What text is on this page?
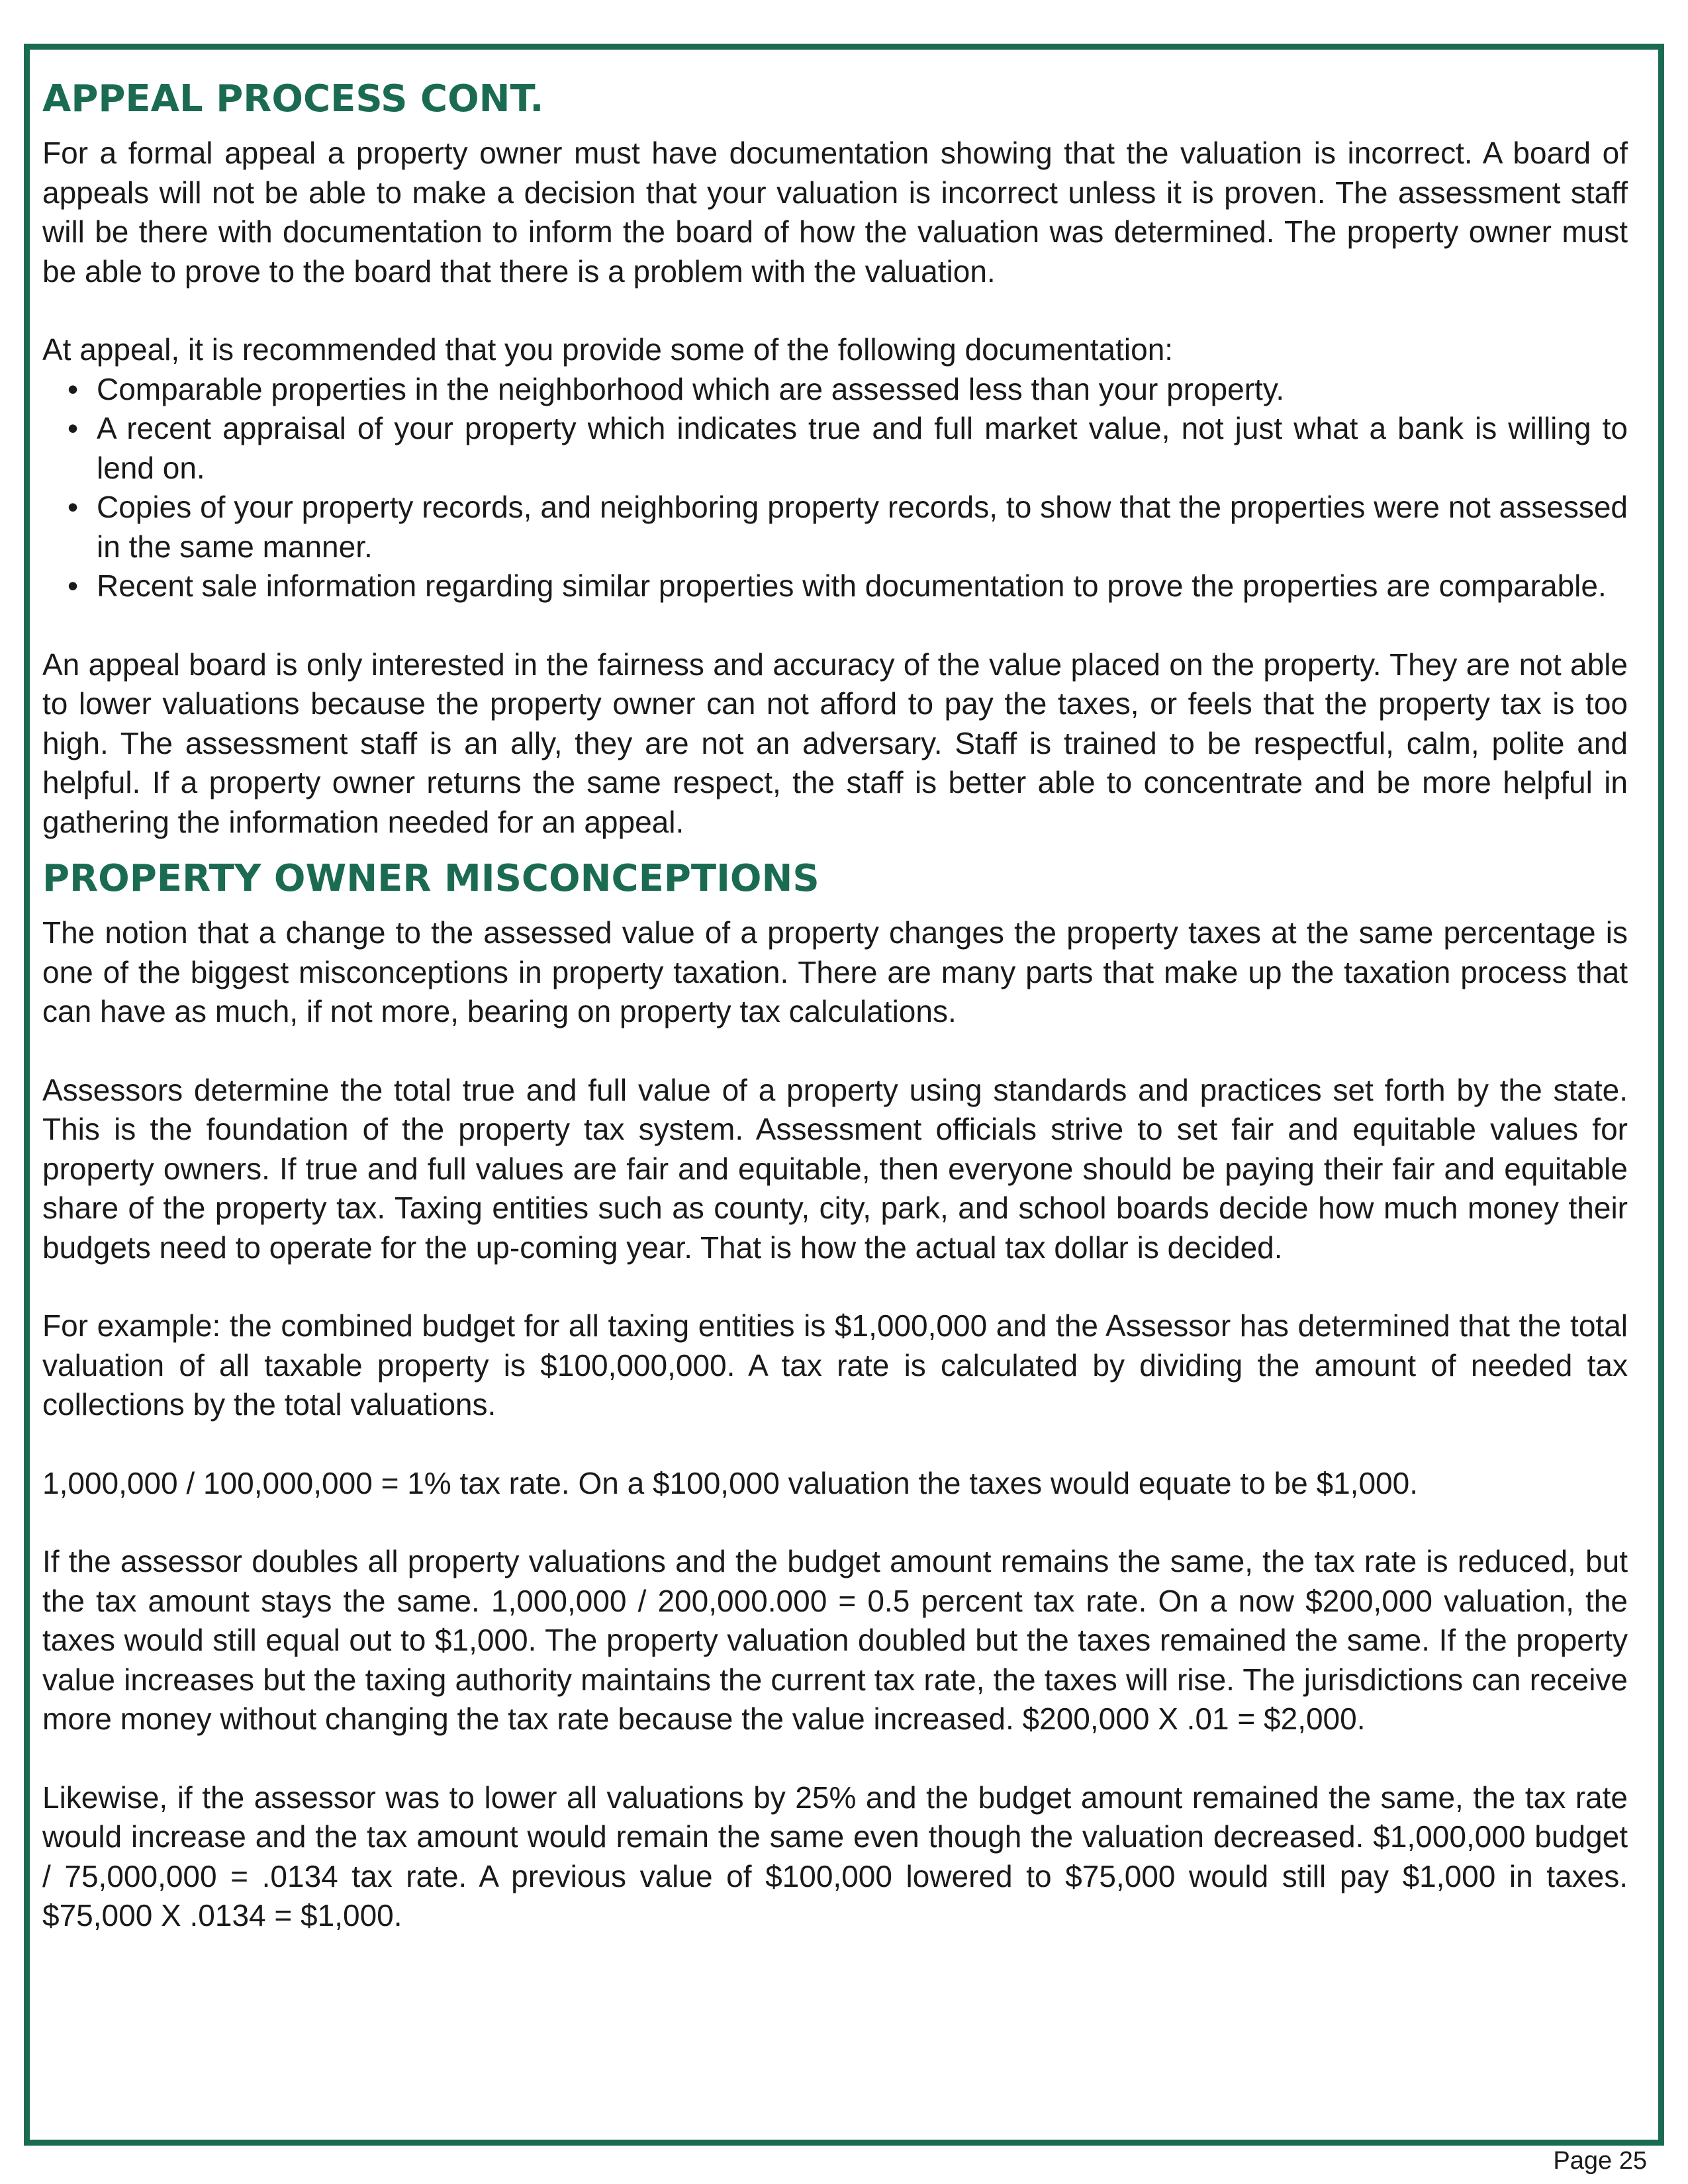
APPEAL PROCESS CONT.

For a formal appeal a property owner must have documentation showing that the valuation is incorrect. A board of appeals will not be able to make a decision that your valuation is incorrect unless it is proven. The assessment staff will be there with documentation to inform the board of how the valuation was determined. The property owner must be able to prove to the board that there is a problem with the valuation.

At appeal, it is recommended that you provide some of the following documentation:

• Comparable properties in the neighborhood which are assessed less than your property.
• A recent appraisal of your property which indicates true and full market value, not just what a bank is willing to lend on.
• Copies of your property records, and neighboring property records, to show that the properties were not assessed in the same manner.
• Recent sale information regarding similar properties with documentation to prove the properties are comparable.

An appeal board is only interested in the fairness and accuracy of the value placed on the property. They are not able to lower valuations because the property owner can not afford to pay the taxes, or feels that the property tax is too high. The assessment staff is an ally, they are not an adversary. Staff is trained to be respectful, calm, polite and helpful. If a property owner returns the same respect, the staff is better able to concentrate and be more helpful in gathering the information needed for an appeal.

PROPERTY OWNER MISCONCEPTIONS

The notion that a change to the assessed value of a property changes the property taxes at the same percentage is one of the biggest misconceptions in property taxation. There are many parts that make up the taxation process that can have as much, if not more, bearing on property tax calculations.

Assessors determine the total true and full value of a property using standards and practices set forth by the state. This is the foundation of the property tax system. Assessment officials strive to set fair and equitable values for property owners. If true and full values are fair and equitable, then everyone should be paying their fair and equitable share of the property tax. Taxing entities such as county, city, park, and school boards decide how much money their budgets need to operate for the up-coming year. That is how the actual tax dollar is decided.

For example: the combined budget for all taxing entities is $1,000,000 and the Assessor has determined that the total valuation of all taxable property is $100,000,000. A tax rate is calculated by dividing the amount of needed tax collections by the total valuations.

1,000,000 / 100,000,000 = 1% tax rate. On a $100,000 valuation the taxes would equate to be $1,000.

If the assessor doubles all property valuations and the budget amount remains the same, the tax rate is reduced, but the tax amount stays the same. 1,000,000 / 200,000.000 = 0.5 percent tax rate. On a now $200,000 valuation, the taxes would still equal out to $1,000. The property valuation doubled but the taxes remained the same. If the property value increases but the taxing authority maintains the current tax rate, the taxes will rise. The jurisdictions can receive more money without changing the tax rate because the value increased. $200,000 X .01 = $2,000.

Likewise, if the assessor was to lower all valuations by 25% and the budget amount remained the same, the tax rate would increase and the tax amount would remain the same even though the valuation decreased. $1,000,000 budget / 75,000,000 = .0134 tax rate. A previous value of $100,000 lowered to $75,000 would still pay $1,000 in taxes. $75,000 X .0134 = $1,000.

Page 25
